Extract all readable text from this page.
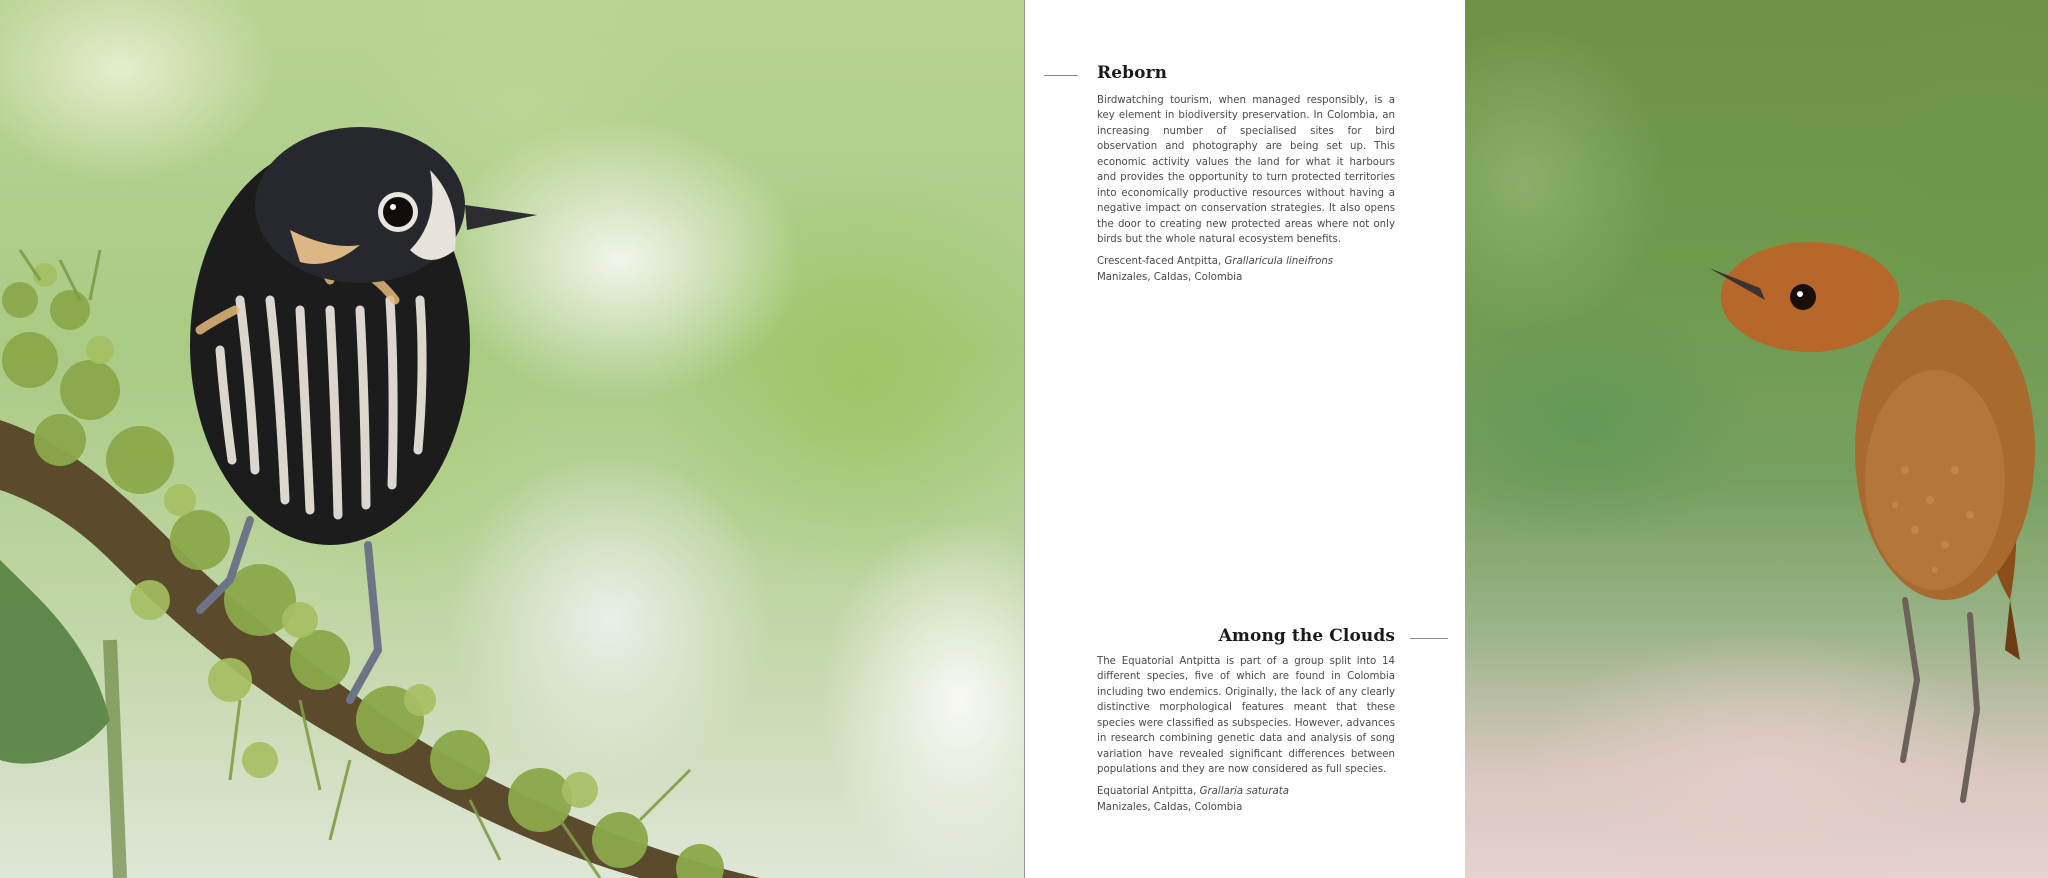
Reborn

Birdwatching tourism, when managed responsibly, is a key element in biodiversity preservation. In Colombia, an increasing number of specialised sites for bird observation and photography are being set up. This economic activity values the land for what it harbours and provides the opportunity to turn protected territories into economically productive resources without having a negative impact on conservation strategies. It also opens the door to creating new protected areas where not only birds but the whole natural ecosystem benefits.

Crescent-faced Antpitta, Grallaricula lineifrons
Manizales, Caldas, Colombia
Among the Clouds

The Equatorial Antpitta is part of a group split into 14 different species, five of which are found in Colombia including two endemics. Originally, the lack of any clearly distinctive morphological features meant that these species were classified as subspecies. However, advances in research combining genetic data and analysis of song variation have revealed significant differences between populations and they are now considered as full species.

Equatorial Antpitta, Grallaria saturata
Manizales, Caldas, Colombia
